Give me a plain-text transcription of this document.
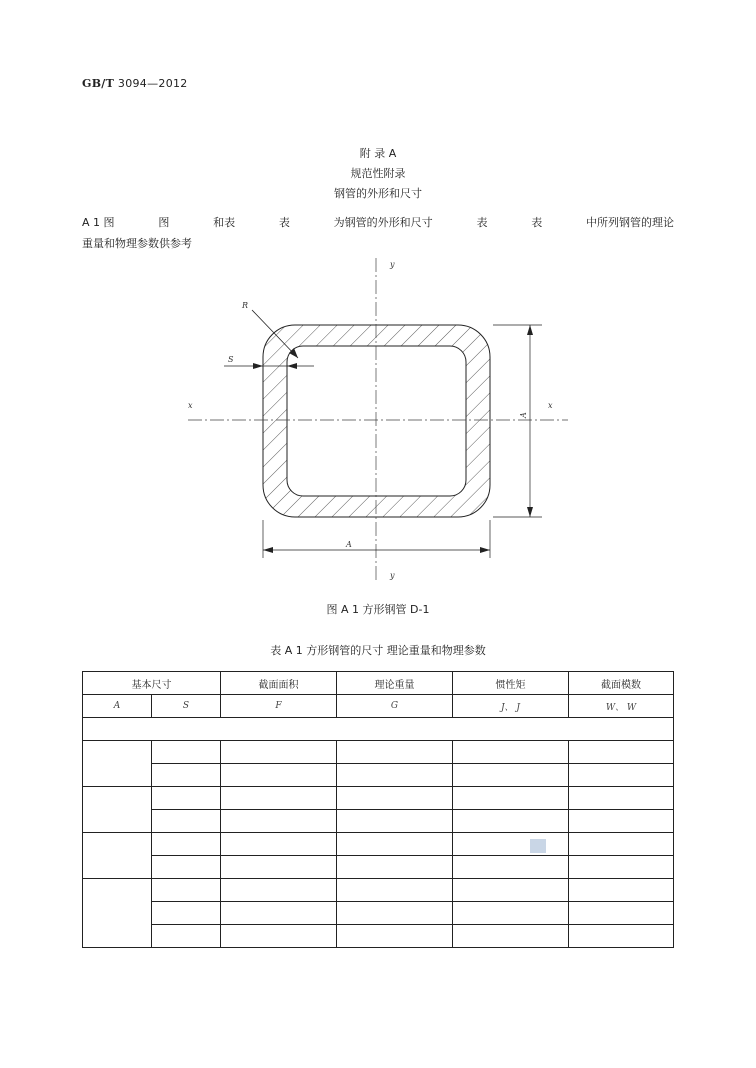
GB/T 3094—2012
附 录 A
规范性附录
钢管的外形和尺寸
A 1 图	图	和表	表	为钢管的外形和尺寸	表	表	中所列钢管的理论
重量和物理参数供参考
y
y
x	x
R
S
A
A
图 A 1 方形钢管 D-1
表 A 1 方形钢管的尺寸 理论重量和物理参数
基本尺寸		截面面积	理论重量	惯性矩	截面模数
A	S	F	G	J、 J	W、 W
